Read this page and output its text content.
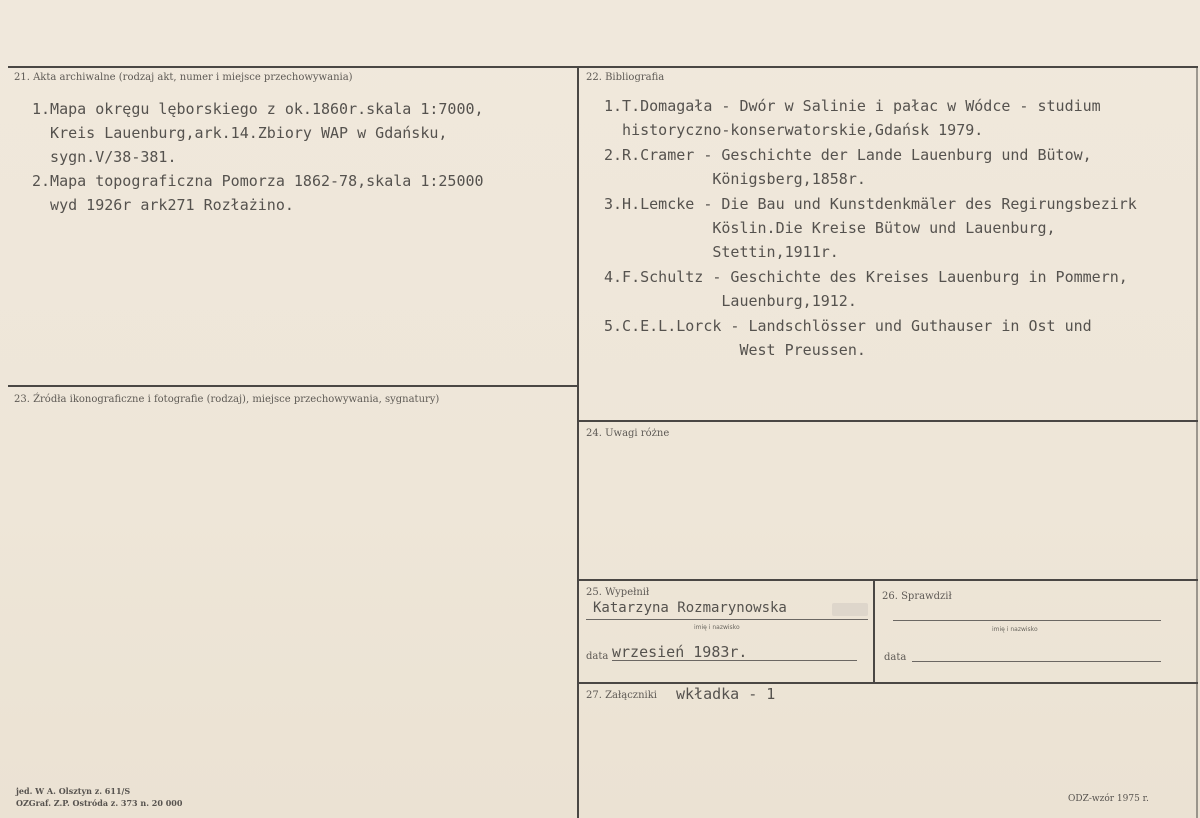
21. Akta archiwalne (rodzaj akt, numer i miejsce przechowywania)
1.Mapa okręgu lęborskiego z ok.1860r.skala 1:7000,
Kreis Lauenburg,ark.14.Zbiory WAP w Gdańsku,
sygn.V/38-381.
2.Mapa topograficzna Pomorza 1862-78,skala 1:25000
wyd 1926r ark271 Rozłażino.
22. Bibliografia
1.T.Domagała - Dwór w Salinie i pałac w Wódce - studium
historyczno-konserwatorskie,Gdańsk 1979.
2.R.Cramer - Geschichte der Lande Lauenburg und Bütow,
Königsberg,1858r.
3.H.Lemcke - Die Bau und Kunstdenkmäler des Regirungsbezirk
Köslin.Die Kreise Bütow und Lauenburg,
Stettin,1911r.
4.F.Schultz - Geschichte des Kreises Lauenburg in Pommern,
Lauenburg,1912.
5.C.E.L.Lorck - Landschlösser und Guthauser in Ost und
West Preussen.
23. Źródła ikonograficzne i fotografie (rodzaj), miejsce przechowywania, sygnatury)
24. Uwagi różne
25. Wypełnił
Katarzyna Rozmarynowska
imię i nazwisko
data wrzesień 1983r.
26. Sprawdził
imię i nazwisko
data
27. Załączniki wkładka - 1
jed. W A. Olsztyn z. 611/S
OZGraf. Z.P. Ostróda z. 373 n. 20 000	ODZ-wzór 1975 r.
